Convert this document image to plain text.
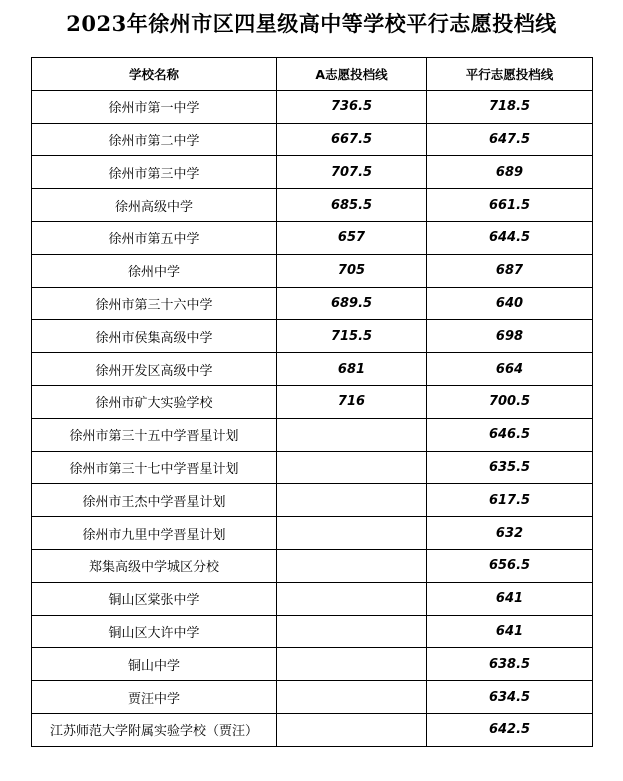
2023年徐州市区四星级高中等学校平行志愿投档线
学校名称	A志愿投档线	平行志愿投档线
徐州市第一中学	736.5	718.5
徐州市第二中学	667.5	647.5
徐州市第三中学	707.5	689
徐州高级中学	685.5	661.5
徐州市第五中学	657	644.5
徐州中学	705	687
徐州市第三十六中学	689.5	640
徐州市侯集高级中学	715.5	698
徐州开发区高级中学	681	664
徐州市矿大实验学校	716	700.5
徐州市第三十五中学晋星计划		646.5
徐州市第三十七中学晋星计划		635.5
徐州市王杰中学晋星计划		617.5
徐州市九里中学晋星计划		632
郑集高级中学城区分校		656.5
铜山区棠张中学		641
铜山区大许中学		641
铜山中学		638.5
贾汪中学		634.5
江苏师范大学附属实验学校（贾汪）		642.5
